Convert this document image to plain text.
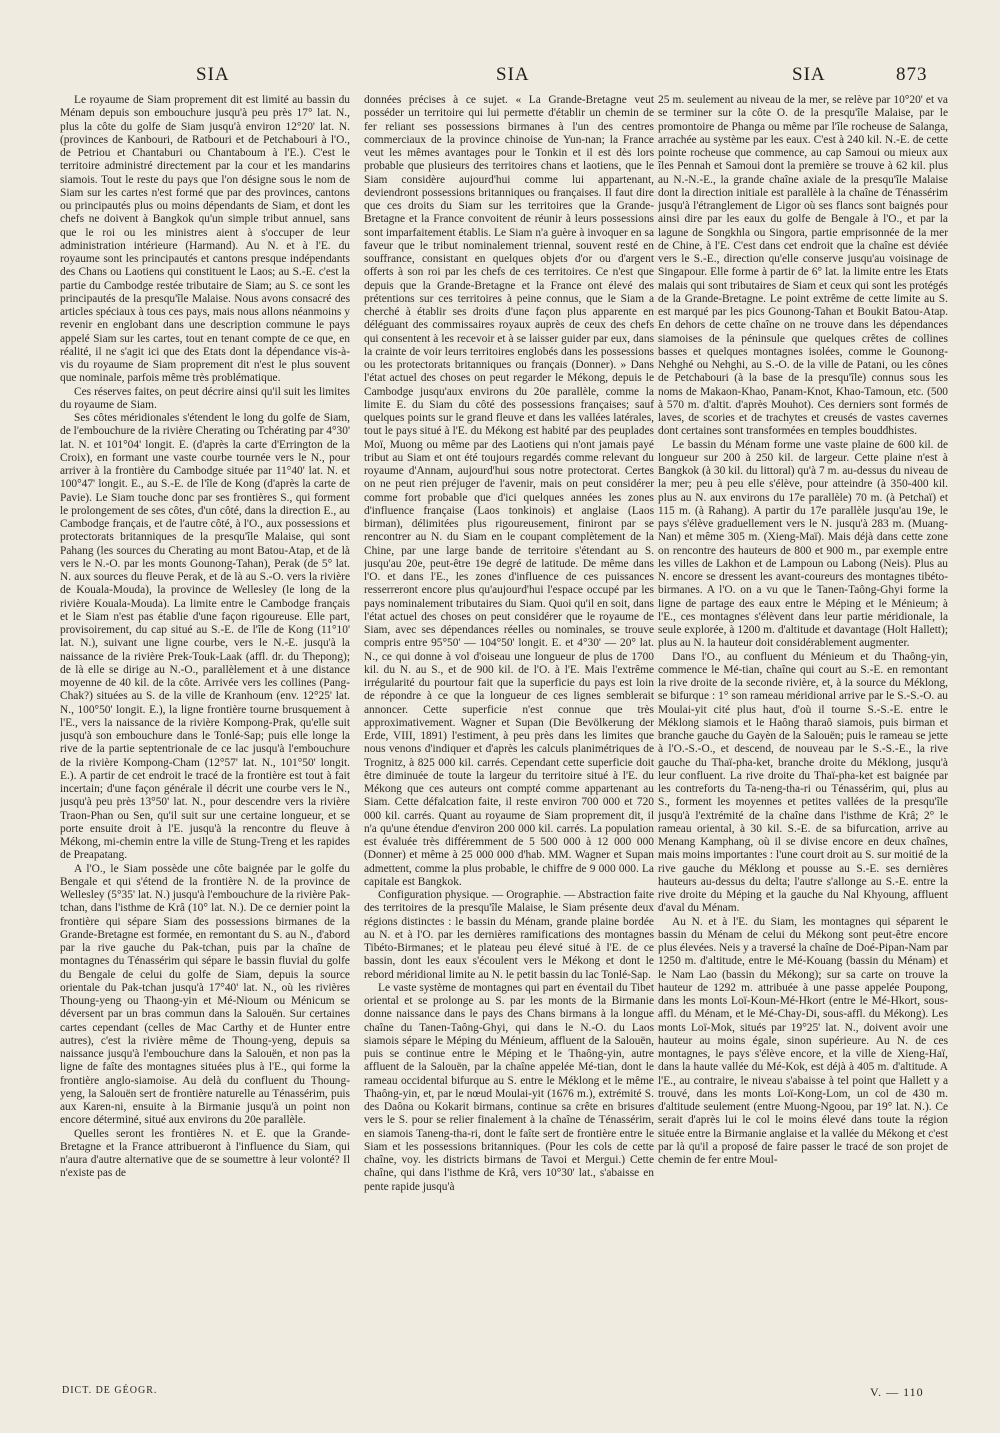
SIA	SIA	SIA	873

Le royaume de Siam proprement dit est limité au bassin du Ménam depuis son embouchure jusqu'à peu près 17° lat. N., plus la côte du golfe de Siam jusqu'à environ 12°20' lat. N. (provinces de Kanbouri, de Ratbouri et de Petchabouri à l'O., de Petriou et Chantaburi ou Chantaboum à l'E.). C'est le territoire administré directement par la cour et les mandarins siamois. Tout le reste du pays que l'on désigne sous le nom de Siam sur les cartes n'est formé que par des provinces, cantons ou principautés plus ou moins dépendants de Siam, et dont les chefs ne doivent à Bangkok qu'un simple tribut annuel, sans que le roi ou les ministres aient à s'occuper de leur administration intérieure (Harmand). Au N. et à l'E. du royaume sont les principautés et cantons presque indépendants des Chans ou Laotiens qui constituent le Laos; au S.-E. c'est la partie du Cambodge restée tributaire de Siam; au S. ce sont les principautés de la presqu'île Malaise. Nous avons consacré des articles spéciaux à tous ces pays, mais nous allons néanmoins y revenir en englobant dans une description commune le pays appelé Siam sur les cartes, tout en tenant compte de ce que, en réalité, il ne s'agit ici que des Etats dont la dépendance vis-à-vis du royaume de Siam proprement dit n'est le plus souvent que nominale, parfois même très problématique.

Ces réserves faites, on peut décrire ainsi qu'il suit les limites du royaume de Siam.

Ses côtes méridionales s'étendent le long du golfe de Siam, de l'embouchure de la rivière Cherating ou Tchérating par 4°30' lat. N. et 101°04' longit. E. (d'après la carte d'Errington de la Croix), en formant une vaste courbe tournée vers le N., pour arriver à la frontière du Cambodge située par 11°40' lat. N. et 100°47' longit. E., au S.-E. de l'île de Kong (d'après la carte de Pavie). Le Siam touche donc par ses frontières S., qui forment le prolongement de ses côtes, d'un côté, dans la direction E., au Cambodge français, et de l'autre côté, à l'O., aux possessions et protectorats britanniques de la presqu'île Malaise, qui sont Pahang (les sources du Cherating au mont Batou-Atap, et de là vers le N.-O. par les monts Gounong-Tahan), Perak (de 5° lat. N. aux sources du fleuve Perak, et de là au S.-O. vers la rivière de Kouala-Mouda), la province de Wellesley (le long de la rivière Kouala-Mouda). La limite entre le Cambodge français et le Siam n'est pas établie d'une façon rigoureuse. Elle part, provisoirement, du cap situé au S.-E. de l'île de Kong (11°10' lat. N.), suivant une ligne courbe, vers le N.-E. jusqu'à la naissance de la rivière Prek-Touk-Laak (affl. dr. du Thepong); de là elle se dirige au N.-O., parallèlement et à une distance moyenne de 40 kil. de la côte. Arrivée vers les collines (Pang-Chak?) situées au S. de la ville de Kranhoum (env. 12°25' lat. N., 100°50' longit. E.), la ligne frontière tourne brusquement à l'E., vers la naissance de la rivière Kompong-Prak, qu'elle suit jusqu'à son embouchure dans le Tonlé-Sap; puis elle longe la rive de la partie septentrionale de ce lac jusqu'à l'embouchure de la rivière Kompong-Cham (12°57' lat. N., 101°50' longit. E.). A partir de cet endroit le tracé de la frontière est tout à fait incertain; d'une façon générale il décrit une courbe vers le N., jusqu'à peu près 13°50' lat. N., pour descendre vers la rivière Traon-Phan ou Sen, qu'il suit sur une certaine longueur, et se porte ensuite droit à l'E. jusqu'à la rencontre du fleuve à Mékong, mi-chemin entre la ville de Stung-Treng et les rapides de Preapatang.

A l'O., le Siam possède une côte baignée par le golfe du Bengale et qui s'étend de la frontière N. de la province de Wellesley (5°35' lat. N.) jusqu'à l'embouchure de la rivière Pak-tchan, dans l'isthme de Krâ (10° lat. N.). De ce dernier point la frontière qui sépare Siam des possessions birmanes de la Grande-Bretagne est formée, en remontant du S. au N., d'abord par la rive gauche du Pak-tchan, puis par la chaîne de montagnes du Ténassérim qui sépare le bassin fluvial du golfe du Bengale de celui du golfe de Siam, depuis la source orientale du Pak-tchan jusqu'à 17°40' lat. N., où les rivières Thoung-yeng ou Thaong-yin et Mé-Nioum ou Ménicum se déversent par un bras commun dans la Salouën. Sur certaines cartes cependant (celles de Mac Carthy et de Hunter entre autres), c'est la rivière même de Thoung-yeng, depuis sa naissance jusqu'à l'embouchure dans la Salouën, et non pas la ligne de faîte des montagnes situées plus à l'E., qui forme la frontière anglo-siamoise. Au delà du confluent du Thoung-yeng, la Salouën sert de frontière naturelle au Ténassérim, puis aux Karen-ni, ensuite à la Birmanie jusqu'à un point non encore déterminé, situé aux environs du 20e parallèle.

Quelles seront les frontières N. et E. que la Grande-Bretagne et la France attribueront à l'influence du Siam, qui n'aura d'autre alternative que de se soumettre à leur volonté? Il n'existe pas de

données précises à ce sujet. « La Grande-Bretagne veut posséder un territoire qui lui permette d'établir un chemin de fer reliant ses possessions birmanes à l'un des centres commerciaux de la province chinoise de Yun-nan; la France veut les mêmes avantages pour le Tonkin et il est dès lors probable que plusieurs des territoires chans et laotiens, que le Siam considère aujourd'hui comme lui appartenant, deviendront possessions britanniques ou françaises. Il faut dire que ces droits du Siam sur les territoires que la Grande-Bretagne et la France convoitent de réunir à leurs possessions sont imparfaitement établis. Le Siam n'a guère à invoquer en sa faveur que le tribut nominalement triennal, souvent resté en souffrance, consistant en quelques objets d'or ou d'argent offerts à son roi par les chefs de ces territoires. Ce n'est que depuis que la Grande-Bretagne et la France ont élevé des prétentions sur ces territoires à peine connus, que le Siam a cherché à établir ses droits d'une façon plus apparente en déléguant des commissaires royaux auprès de ceux des chefs qui consentent à les recevoir et à se laisser guider par eux, dans la crainte de voir leurs territoires englobés dans les possessions ou les protectorats britanniques ou français (Donner). » Dans l'état actuel des choses on peut regarder le Mékong, depuis le Cambodge jusqu'aux environs du 20e parallèle, comme la limite E. du Siam du côté des possessions françaises; sauf quelques points sur le grand fleuve et dans les vallées latérales, tout le pays situé à l'E. du Mékong est habité par des peuplades Moï, Muong ou même par des Laotiens qui n'ont jamais payé tribut au Siam et ont été toujours regardés comme relevant du royaume d'Annam, aujourd'hui sous notre protectorat. Certes on ne peut rien préjuger de l'avenir, mais on peut considérer comme fort probable que d'ici quelques années les zones d'influence française (Laos tonkinois) et anglaise (Laos birman), délimitées plus rigoureusement, finiront par se rencontrer au N. du Siam en le coupant complètement de la Chine, par une large bande de territoire s'étendant au S. jusqu'au 20e, peut-être 19e degré de latitude. De même dans l'O. et dans l'E., les zones d'influence de ces puissances resserreront encore plus qu'aujourd'hui l'espace occupé par les pays nominalement tributaires du Siam. Quoi qu'il en soit, dans l'état actuel des choses on peut considérer que le royaume de Siam, avec ses dépendances réelles ou nominales, se trouve compris entre 95°50' — 104°50' longit. E. et 4°30' — 20° lat. N., ce qui donne à vol d'oiseau une longueur de plus de 1700 kil. du N. au S., et de 900 kil. de l'O. à l'E. Mais l'extrême irrégularité du pourtour fait que la superficie du pays est loin de répondre à ce que la longueur de ces lignes semblerait annoncer. Cette superficie n'est connue que très approximativement. Wagner et Supan (Die Bevölkerung der Erde, VIII, 1891) l'estiment, à peu près dans les limites que nous venons d'indiquer et d'après les calculs planimétriques de Trognitz, à 825 000 kil. carrés. Cependant cette superficie doit être diminuée de toute la largeur du territoire situé à l'E. du Mékong que ces auteurs ont compté comme appartenant au Siam. Cette défalcation faite, il reste environ 700 000 et 720 000 kil. carrés. Quant au royaume de Siam proprement dit, il n'a qu'une étendue d'environ 200 000 kil. carrés. La population est évaluée très différemment de 5 500 000 à 12 000 000 (Donner) et même à 25 000 000 d'hab. MM. Wagner et Supan admettent, comme la plus probable, le chiffre de 9 000 000. La capitale est Bangkok.

Configuration physique. — Orographie. — Abstraction faite des territoires de la presqu'île Malaise, le Siam présente deux régions distinctes : le bassin du Ménam, grande plaine bordée au N. et à l'O. par les dernières ramifications des montagnes Tibéto-Birmanes; et le plateau peu élevé situé à l'E. de ce bassin, dont les eaux s'écoulent vers le Mékong et dont le rebord méridional limite au N. le petit bassin du lac Tonlé-Sap.

Le vaste système de montagnes qui part en éventail du Tibet oriental et se prolonge au S. par les monts de la Birmanie donne naissance dans le pays des Chans birmans à la longue chaîne du Tanen-Taông-Ghyi, qui dans le N.-O. du Laos siamois sépare le Méping du Ménieum, affluent de la Salouën, puis se continue entre le Méping et le Thaông-yin, autre affluent de la Salouën, par la chaîne appelée Mé-tian, dont le rameau occidental bifurque au S. entre le Méklong et le même Thaông-yin, et, par le nœud Moulai-yit (1676 m.), extrémité S. des Daôna ou Kokarit birmans, continue sa crête en brisures vers le S. pour se relier finalement à la chaîne de Ténassérim, en siamois Taneng-tha-ri, dont le faîte sert de frontière entre le Siam et les possessions britanniques. (Pour les cols de cette chaîne, voy. les districts birmans de Tavoi et Mergui.) Cette chaîne, qui dans l'isthme de Krâ, vers 10°30' lat., s'abaisse en pente rapide jusqu'à

25 m. seulement au niveau de la mer, se relève par 10°20' et va se terminer sur la côte O. de la presqu'île Malaise, par le promontoire de Phanga ou même par l'île rocheuse de Salanga, arrachée au système par les eaux. C'est à 240 kil. N.-E. de cette pointe rocheuse que commence, au cap Samoui ou mieux aux îles Pennah et Samoui dont la première se trouve à 62 kil. plus au N.-N.-E., la grande chaîne axiale de la presqu'île Malaise dont la direction initiale est parallèle à la chaîne de Ténassérim jusqu'à l'étranglement de Ligor où ses flancs sont baignés pour ainsi dire par les eaux du golfe de Bengale à l'O., et par la lagune de Songkhla ou Singora, partie emprisonnée de la mer de Chine, à l'E. C'est dans cet endroit que la chaîne est déviée vers le S.-E., direction qu'elle conserve jusqu'au voisinage de Singapour. Elle forme à partir de 6° lat. la limite entre les Etats malais qui sont tributaires de Siam et ceux qui sont les protégés de la Grande-Bretagne. Le point extrême de cette limite au S. est marqué par les pics Gounong-Tahan et Boukit Batou-Atap. En dehors de cette chaîne on ne trouve dans les dépendances siamoises de la péninsule que quelques crêtes de collines basses et quelques montagnes isolées, comme le Gounong-Nehghé ou Nehghi, au S.-O. de la ville de Patani, ou les cônes de Petchabouri (à la base de la presqu'île) connus sous les noms de Makaon-Khao, Panam-Knot, Khao-Tamoun, etc. (500 à 570 m. d'altit. d'après Mouhot). Ces derniers sont formés de laves, de scories et de trachytes et creusés de vastes cavernes dont certaines sont transformées en temples bouddhistes.

Le bassin du Ménam forme une vaste plaine de 600 kil. de longueur sur 200 à 250 kil. de largeur. Cette plaine n'est à Bangkok (à 30 kil. du littoral) qu'à 7 m. au-dessus du niveau de la mer; peu à peu elle s'élève, pour atteindre (à 350-400 kil. plus au N. aux environs du 17e parallèle) 70 m. (à Petchaï) et 115 m. (à Rahang). A partir du 17e parallèle jusqu'au 19e, le pays s'élève graduellement vers le N. jusqu'à 283 m. (Muang-Nan) et même 305 m. (Xieng-Maï). Mais déjà dans cette zone on rencontre des hauteurs de 800 et 900 m., par exemple entre les villes de Lakhon et de Lampoun ou Labong (Neis). Plus au N. encore se dressent les avant-coureurs des montagnes tibéto-birmanes. A l'O. on a vu que le Tanen-Taông-Ghyi forme la ligne de partage des eaux entre le Méping et le Ménieum; à l'E., ces montagnes s'élèvent dans leur partie méridionale, la seule explorée, à 1200 m. d'altitude et davantage (Holt Hallett); plus au N. la hauteur doit considérablement augmenter.

Dans l'O., au confluent du Ménieum et du Thaông-yin, commence le Mé-tian, chaîne qui court au S.-E. en remontant la rive droite de la seconde rivière, et, à la source du Méklong, se bifurque : 1° son rameau méridional arrive par le S.-S.-O. au Moulai-yit cité plus haut, d'où il tourne S.-S.-E. entre le Méklong siamois et le Haông tharaô siamois, puis birman et branche gauche du Gayèn de la Salouën; puis le rameau se jette à l'O.-S.-O., et descend, de nouveau par le S.-S.-E., la rive gauche du Thaï-pha-ket, branche droite du Méklong, jusqu'à leur confluent. La rive droite du Thaï-pha-ket est baignée par les contreforts du Ta-neng-tha-ri ou Ténassérim, qui, plus au S., forment les moyennes et petites vallées de la presqu'île jusqu'à l'extrémité de la chaîne dans l'isthme de Krâ; 2° le rameau oriental, à 30 kil. S.-E. de sa bifurcation, arrive au Menang Kamphang, où il se divise encore en deux chaînes, mais moins importantes : l'une court droit au S. sur moitié de la rive gauche du Méklong et pousse au S.-E. ses dernières hauteurs au-dessus du delta; l'autre s'allonge au S.-E. entre la rive droite du Méping et la gauche du Nal Khyoung, affluent d'aval du Ménam.

Au N. et à l'E. du Siam, les montagnes qui séparent le bassin du Ménam de celui du Mékong sont peut-être encore plus élevées. Neis y a traversé la chaîne de Doé-Pipan-Nam par 1250 m. d'altitude, entre le Mé-Kouang (bassin du Ménam) et le Nam Lao (bassin du Mékong); sur sa carte on trouve la hauteur de 1292 m. attribuée à une passe appelée Poupong, dans les monts Loï-Koun-Mé-Hkort (entre le Mé-Hkort, sous-affl. du Ménam, et le Mé-Chay-Di, sous-affl. du Mékong). Les monts Loï-Mok, situés par 19°25' lat. N., doivent avoir une hauteur au moins égale, sinon supérieure. Au N. de ces montagnes, le pays s'élève encore, et la ville de Xieng-Haï, dans la haute vallée du Mé-Kok, est déjà à 405 m. d'altitude. A l'E., au contraire, le niveau s'abaisse à tel point que Hallett y a trouvé, dans les monts Loï-Kong-Lom, un col de 430 m. d'altitude seulement (entre Muong-Ngoou, par 19° lat. N.). Ce serait d'après lui le col le moins élevé dans toute la région située entre la Birmanie anglaise et la vallée du Mékong et c'est par là qu'il a proposé de faire passer le tracé de son projet de chemin de fer entre Moul-

DICT. DE GÉOGR.	V. — 110
